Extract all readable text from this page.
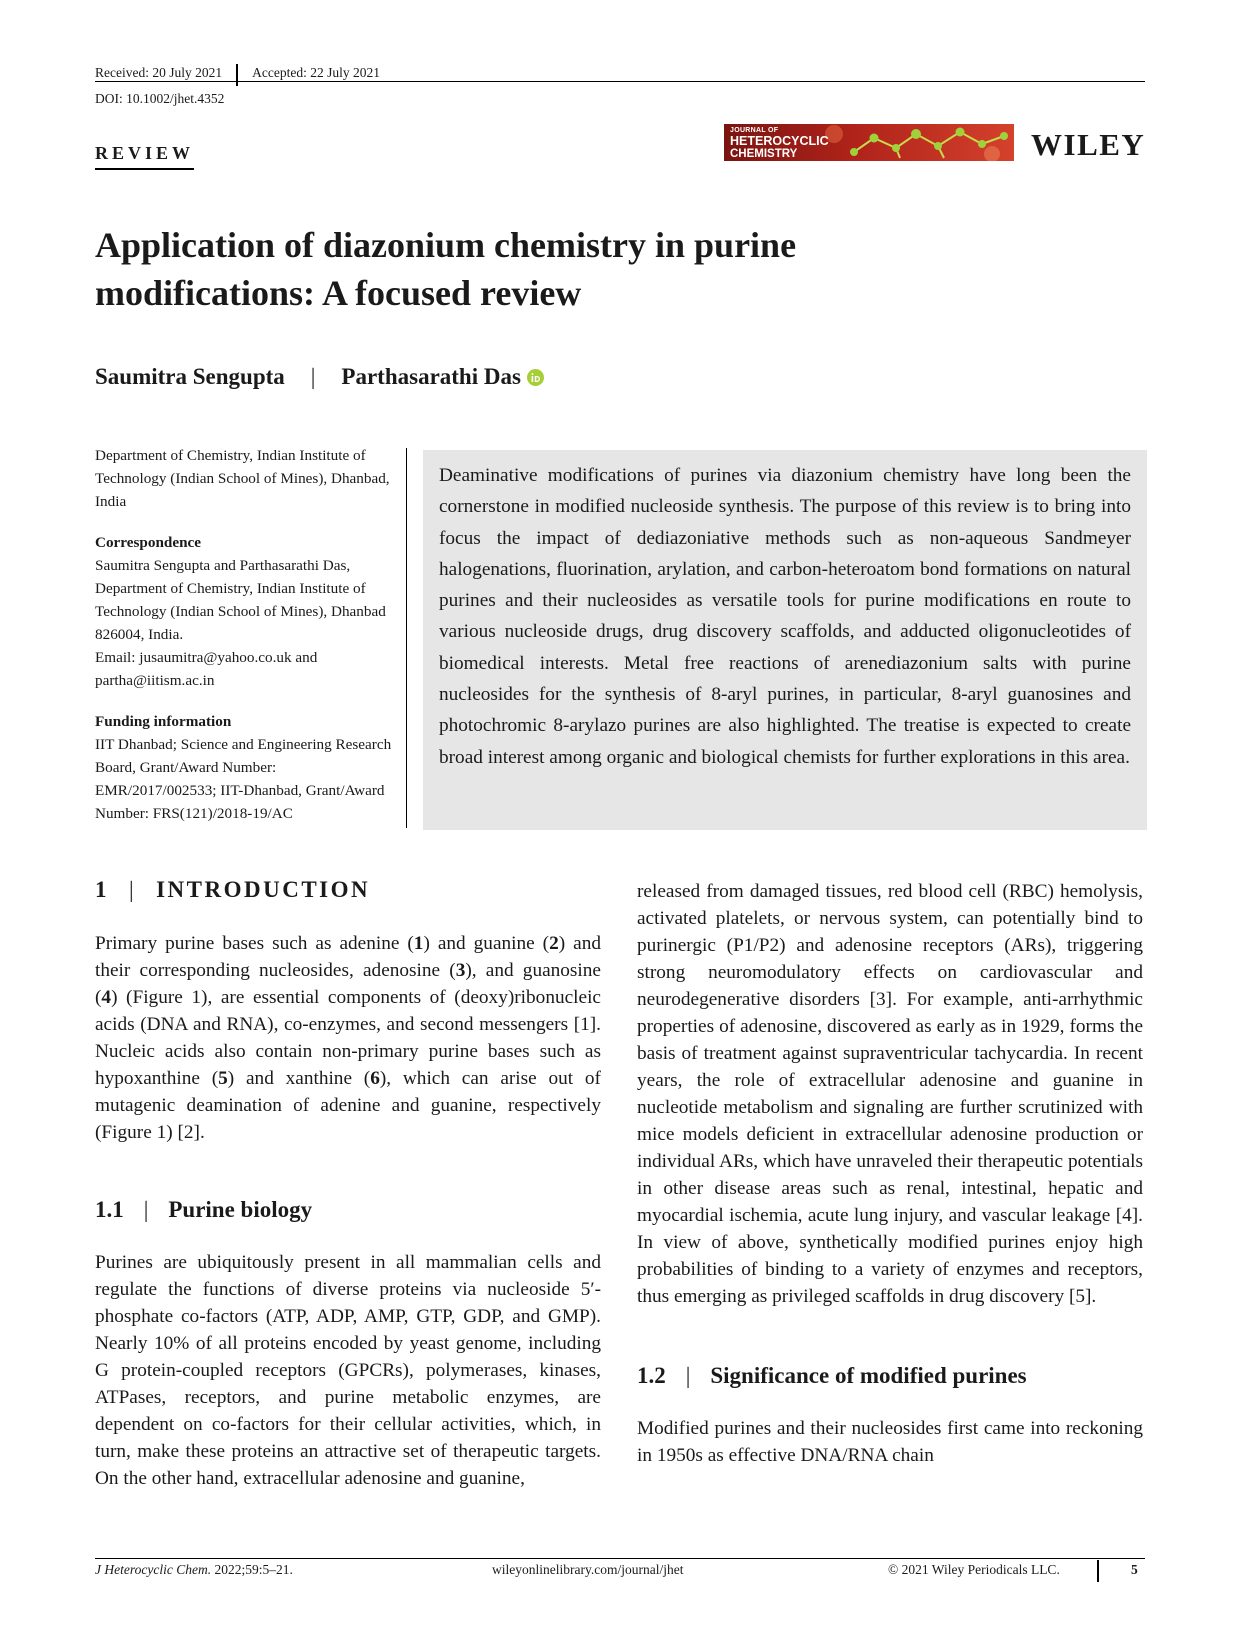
Received: 20 July 2021 Accepted: 22 July 2021
DOI: 10.1002/jhet.4352
REVIEW
JOURNAL OF
HETEROCYCLIC
CHEMISTRY	WILEY
Application of diazonium chemistry in purine modifications: A focused review
Saumitra Sengupta | Parthasarathi Das
Department of Chemistry, Indian Institute of Technology (Indian School of Mines), Dhanbad, India
Correspondence
Saumitra Sengupta and Parthasarathi Das, Department of Chemistry, Indian Institute of Technology (Indian School of Mines), Dhanbad 826004, India.
Email: jusaumitra@yahoo.co.uk and
partha@iitism.ac.in
Funding information
IIT Dhanbad; Science and Engineering Research Board, Grant/Award Number: EMR/2017/002533; IIT-Dhanbad, Grant/Award Number: FRS(121)/2018-19/AC
Deaminative modifications of purines via diazonium chemistry have long been the cornerstone in modified nucleoside synthesis. The purpose of this review is to bring into focus the impact of dediazoniative methods such as non-aqueous Sandmeyer halogenations, fluorination, arylation, and carbon-heteroatom bond formations on natural purines and their nucleosides as versatile tools for purine modifications en route to various nucleoside drugs, drug discovery scaffolds, and adducted oligonucleotides of biomedical interests. Metal free reactions of arenediazonium salts with purine nucleosides for the synthesis of 8-aryl purines, in particular, 8-aryl guanosines and photochromic 8-arylazo purines are also highlighted. The treatise is expected to create broad interest among organic and biological chemists for further explorations in this area.
1 | INTRODUCTION

Primary purine bases such as adenine (1) and guanine (2) and their corresponding nucleosides, adenosine (3), and guanosine (4) (Figure 1), are essential components of (deoxy)ribonucleic acids (DNA and RNA), co-enzymes, and second messengers [1]. Nucleic acids also contain non-primary purine bases such as hypoxanthine (5) and xanthine (6), which can arise out of mutagenic deamination of adenine and guanine, respectively (Figure 1) [2].

1.1 | Purine biology

Purines are ubiquitously present in all mammalian cells and regulate the functions of diverse proteins via nucleoside 5′-phosphate co-factors (ATP, ADP, AMP, GTP, GDP, and GMP). Nearly 10% of all proteins encoded by yeast genome, including G protein-coupled receptors (GPCRs), polymerases, kinases, ATPases, receptors, and purine metabolic enzymes, are dependent on co-factors for their cellular activities, which, in turn, make these proteins an attractive set of therapeutic targets. On the other hand, extracellular adenosine and guanine,

released from damaged tissues, red blood cell (RBC) hemolysis, activated platelets, or nervous system, can potentially bind to purinergic (P1/P2) and adenosine receptors (ARs), triggering strong neuromodulatory effects on cardiovascular and neurodegenerative disorders [3]. For example, anti-arrhythmic properties of adenosine, discovered as early as in 1929, forms the basis of treatment against supraventricular tachycardia. In recent years, the role of extracellular adenosine and guanine in nucleotide metabolism and signaling are further scrutinized with mice models deficient in extracellular adenosine production or individual ARs, which have unraveled their therapeutic potentials in other disease areas such as renal, intestinal, hepatic and myocardial ischemia, acute lung injury, and vascular leakage [4]. In view of above, synthetically modified purines enjoy high probabilities of binding to a variety of enzymes and receptors, thus emerging as privileged scaffolds in drug discovery [5].

1.2 | Significance of modified purines

Modified purines and their nucleosides first came into reckoning in 1950s as effective DNA/RNA chain

J Heterocyclic Chem. 2022;59:5–21.	wileyonlinelibrary.com/journal/jhet	© 2021 Wiley Periodicals LLC.	5
